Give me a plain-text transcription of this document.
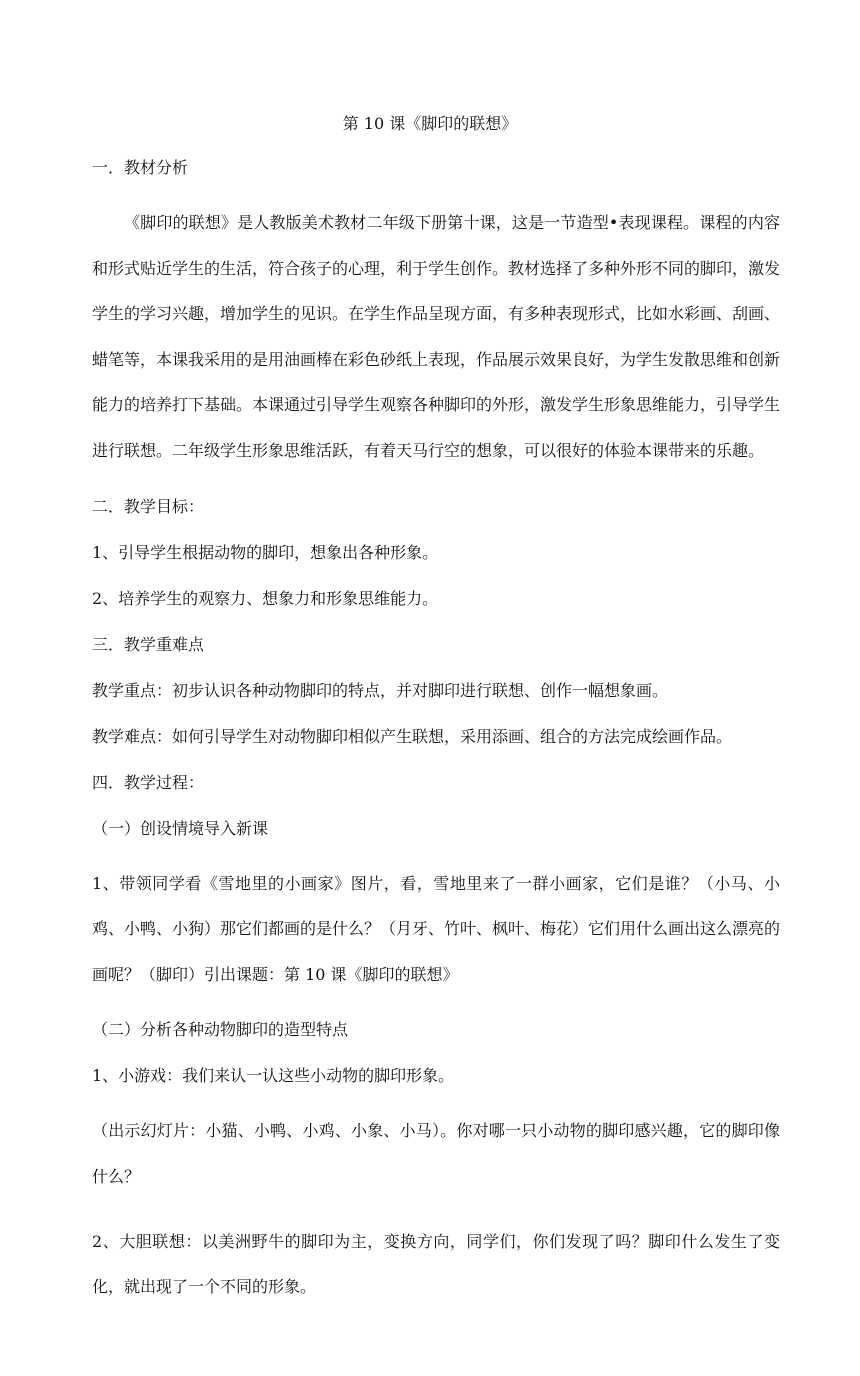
第 10 课《脚印的联想》

一．教材分析

《脚印的联想》是人教版美术教材二年级下册第十课，这是一节造型•表现课程。课程的内容和形式贴近学生的生活，符合孩子的心理，利于学生创作。教材选择了多种外形不同的脚印，激发学生的学习兴趣，增加学生的见识。在学生作品呈现方面，有多种表现形式，比如水彩画、刮画、蜡笔等，本课我采用的是用油画棒在彩色砂纸上表现，作品展示效果良好，为学生发散思维和创新能力的培养打下基础。本课通过引导学生观察各种脚印的外形，激发学生形象思维能力，引导学生进行联想。二年级学生形象思维活跃，有着天马行空的想象，可以很好的体验本课带来的乐趣。

二．教学目标：

1、引导学生根据动物的脚印，想象出各种形象。

2、培养学生的观察力、想象力和形象思维能力。

三．教学重难点

教学重点：初步认识各种动物脚印的特点，并对脚印进行联想、创作一幅想象画。

教学难点：如何引导学生对动物脚印相似产生联想，采用添画、组合的方法完成绘画作品。

四．教学过程：

（一）创设情境导入新课

1、带领同学看《雪地里的小画家》图片，看，雪地里来了一群小画家，它们是谁？（小马、小鸡、小鸭、小狗）那它们都画的是什么？（月牙、竹叶、枫叶、梅花）它们用什么画出这么漂亮的画呢？（脚印）引出课题：第 10 课《脚印的联想》

（二）分析各种动物脚印的造型特点

1、小游戏：我们来认一认这些小动物的脚印形象。

（出示幻灯片：小猫、小鸭、小鸡、小象、小马）。你对哪一只小动物的脚印感兴趣，它的脚印像什么？

2、大胆联想：以美洲野牛的脚印为主，变换方向，同学们，你们发现了吗？脚印什么发生了变化，就出现了一个不同的形象。
